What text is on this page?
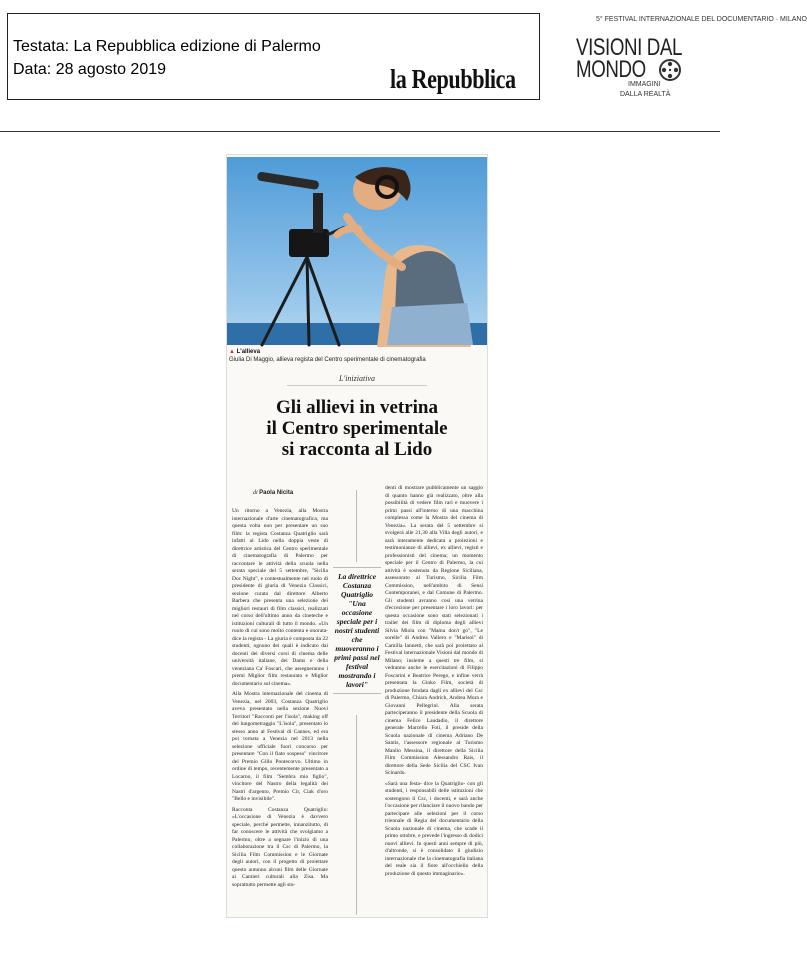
Testata: La Repubblica edizione di Palermo
Data: 28 agosto 2019	la Repubblica
5° FESTIVAL INTERNAZIONALE DEL DOCUMENTARIO · MILANO
VISIONI DAL
MONDO
IMMAGINI
DALLA REALTÀ
▲ L'allieva
Giulia Di Maggio, allieva regista del Centro sperimentale di cinematografia
L'iniziativa
Gli allievi in vetrina
il Centro sperimentale
si racconta al Lido
di Paola Nicita

Un ritorno a Venezia, alla Mostra internazionale d'arte cinematografica, ma questa volta non per presentare un suo film: la regista Costanza Quatriglio sarà infatti al Lido nella doppia veste di direttrice artistica del Centro sperimentale di cinematografia di Palermo per raccontare le attività della scuola nella serata speciale del 5 settembre, "Sicilia Doc Night", e contestualmente nel ruolo di presidente di giuria di Venezia Classici, sezione curata dal direttore Alberto Barbera che presenta una selezione dei migliori restauri di film classici, realizzati nel corso dell'ultimo anno da cineteche e istituzioni culturali di tutto il mondo. «Un ruolo di cui sono molto contenta e onorata- dice la regista - La giuria è composta da 22 studenti, ognuno dei quali è indicato dai docenti dei diversi corsi di cinema delle università italiane, dei Dams e della veneziana Ca' Foscari, che assegneranno i premi Miglior film restaurato e Miglior documentario sul cinema».

Alla Mostra internazionale del cinema di Venezia, nel 2003, Costanza Quatriglio aveva presentato nella sezione Nuovi Territori "Racconti per l'isola", making off del lungometraggio "L'isola", presentato lo stesso anno al Festival di Cannes, ed era poi tornata a Venezia nel 2013 nella selezione ufficiale fuori concorso per presentare "Con il fiato sospeso" vincitore del Premio Gillo Pontecorvo. Ultimo in ordine di tempo, recentemente presentato a Locarno, il film "Sembra mio figlio", vincitore del Nastro della legalità dei Nastri d'argento, Premio Cir, Ciak d'oro "Bello e invisibile".

Racconta Costanza Quatriglio: «L'occasione di Venezia è davvero speciale, perché permette, innanzitutto, di far conoscere le attività che svolgiamo a Palermo, oltre a segnare l'inizio di una collaborazione tra il Csc di Palermo, la Sicilia Film Commission e le Giornate degli autori, con il progetto di proiettare questo autunno alcuni film delle Giornate ai Cantieri culturali alla Zisa. Ma soprattutto permette agli stu-

La direttrice Costanza Quatriglio "Una occasione speciale per i nostri studenti che muoveranno i primi passi nel festival mostrando i lavori"

denti di mostrare pubblicamente un saggio di quanto hanno già realizzato, oltre alla possibilità di vedere film rari e muovere i primi passi all'interno di una macchina complessa come la Mostra del cinema di Venezia». La serata del 5 settembre si svolgerà alle 21,30 alla Villa degli autori, e sarà interamente dedicata a proiezioni e testimonianze di allievi, ex allievi, registi e professionisti del cinema; un momento speciale per il Centro di Palermo, la cui attività è sostenuta da Regione Siciliana, assessorato al Turismo, Sicilia Film Commission, nell'ambito di Sensi Contemporanei, e dal Comune di Palermo. Gli studenti avranno così una vetrina d'eccezione per presentare i loro lavori: per questa occasione sono stati selezionati i trailer dei film di diploma degli allievi Silvia Miola con "Mama don't go", "Le sorelle" di Andrea Vallero e "Marisol" di Camilla Iannetti, che sarà poi proiettato al Festival internazionale Visioni dal mondo di Milano; insieme a questi tre film, si vedranno anche le esercitazioni di Filippo Foscarini e Beatrice Perego, e infine verrà presentata la Ginko Film, società di produzione fondata dagli ex allievi del Csc di Palermo, Chiara Andrich, Andrea Mura e Giovanni Pellegrini. Alla serata parteciperanno il presidente della Scuola di cinema Felice Laudadio, il direttore generale Marcello Foti, il preside della Scuola nazionale di cinema Adriano De Santis, l'assessore regionale al Turismo Manlio Messina, il direttore della Sicilia Film Commission Alessandro Rais, il direttore della Sede Sicilia del CSC Ivan Scinardo.

«Sarà una festa- dice la Quatriglio- con gli studenti, i responsabili delle istituzioni che sostengono il Csc, i docenti, e sarà anche l'occasione per rilanciare il nuovo bando per partecipare alle selezioni per il corso triennale di Regia del documentario della Scuola nazionale di cinema, che scade il primo ottobre, e prevede l'ingresso di dodici nuovi allievi. In questi anni sempre di più, d'altronde, si è consolidato il giudizio internazionale che la cinematografia italiana del reale sia il fiore all'occhiello della produzione di questo immaginario».
